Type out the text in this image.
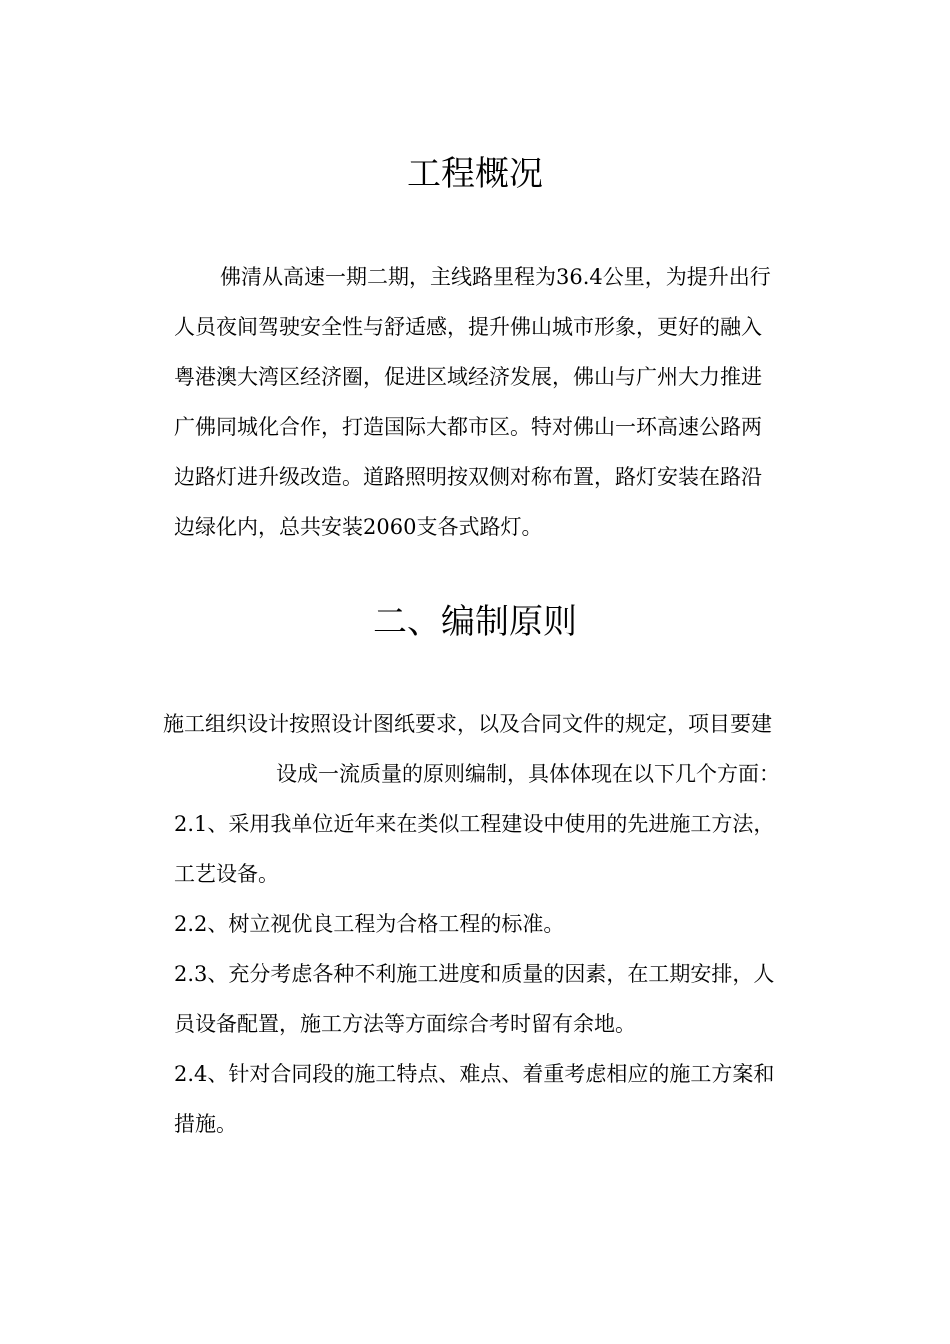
工程概况

佛清从高速一期二期，主线路里程为36.4公里，为提升出行

人员夜间驾驶安全性与舒适感，提升佛山城市形象，更好的融入

粤港澳大湾区经济圈，促进区域经济发展，佛山与广州大力推进

广佛同城化合作，打造国际大都市区。特对佛山一环高速公路两

边路灯进升级改造。道路照明按双侧对称布置，路灯安装在路沿

边绿化内，总共安装2060支各式路灯。

二、编制原则

施工组织设计按照设计图纸要求，以及合同文件的规定，项目要建

设成一流质量的原则编制，具体体现在以下几个方面：

2.1、采用我单位近年来在类似工程建设中使用的先进施工方法，

工艺设备。

2.2、树立视优良工程为合格工程的标准。

2.3、充分考虑各种不利施工进度和质量的因素，在工期安排，人

员设备配置，施工方法等方面综合考时留有余地。

2.4、针对合同段的施工特点、难点、着重考虑相应的施工方案和

措施。
